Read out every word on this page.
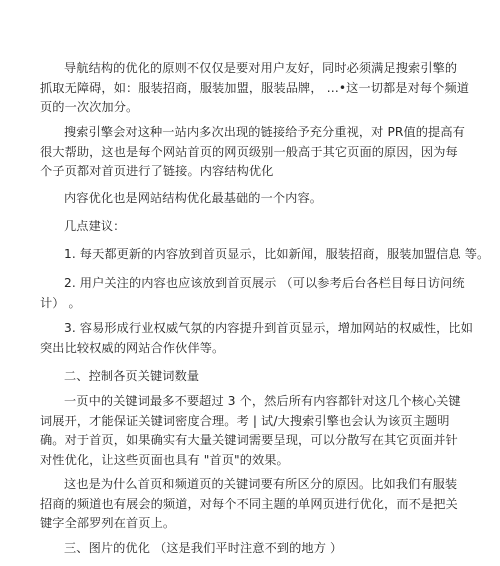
导航结构的优化的原则不仅仅是要对用户友好，同时必须满足搜索引擎的
抓取无障碍，如：服装招商，服装加盟，服装品牌， …•这一切都是对每个频道
页的一次次加分。
搜索引擎会对这种一站内多次出现的链接给予充分重视，对 PR值的提高有
很大帮助，这也是每个网站首页的网页级别一般高于其它页面的原因，因为每
个子页都对首页进行了链接。内容结构优化
内容优化也是网站结构优化最基础的一个内容。
几点建议：
1. 每天都更新的内容放到首页显示，比如新闻，服装招商，服装加盟信息 等。
2. 用户关注的内容也应该放到首页展示 （可以参考后台各栏目每日访问统
计） 。
3. 容易形成行业权威气氛的内容提升到首页显示，增加网站的权威性，比如
突出比较权威的网站合作伙伴等。
二、控制各页关键词数量
一页中的关键词最多不要超过 3 个，然后所有内容都针对这几个核心关键
词展开，才能保证关键词密度合理。考 | 试/大搜索引擎也会认为该页主题明
确。对于首页，如果确实有大量关键词需要呈现，可以分散写在其它页面并针
对性优化，让这些页面也具有 "首页"的效果。
这也是为什么首页和频道页的关键词要有所区分的原因。比如我们有服装
招商的频道也有展会的频道，对每个不同主题的单网页进行优化，而不是把关
键字全部罗列在首页上。
三、图片的优化 （这是我们平时注意不到的地方 ）
